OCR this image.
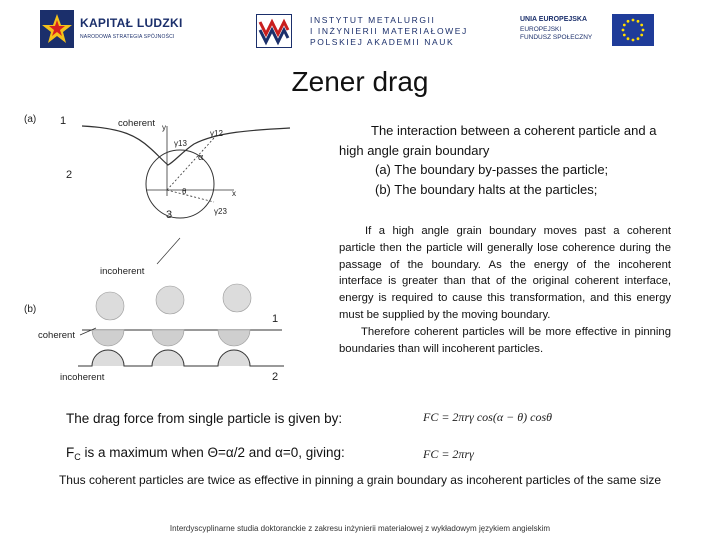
KAPITAŁ LUDZKI
NARODOWA STRATEGIA SPÓJNOŚCI
INSTYTUT METALURGII
I INŻYNIERII MATERIAŁOWEJ
POLSKIEJ AKADEMII NAUK
UNIA EUROPEJSKA
EUROPEJSKI
FUNDUSZ SPOŁECZNY
Zener drag
(a) 1
2
3
coherent y
x
γ13
γ12
γ23
α
θ
incoherent
(b)
coherent
1
incoherent	2
The interaction between a coherent particle and a high angle grain boundary
(a) The boundary by-passes the particle;
(b) The boundary halts at the particles;
If a high angle grain boundary moves past a coherent particle then the particle will generally lose coherence during the passage of the boundary. As the energy of the incoherent interface is greater than that of the original coherent interface, energy is required to cause this transformation, and this energy must be supplied by the moving boundary.
Therefore coherent particles will be more effective in pinning boundaries than will incoherent particles.
The drag force from single particle is given by:	FC = 2πrγ cos(α − θ) cosθ
$F_C$ is a maximum when Θ=α/2 and α=0, giving:	FC = 2πrγ
Thus coherent particles are twice as effective in pinning a grain boundary as incoherent particles of the same size
Interdyscyplinarne studia doktoranckie z zakresu inżynierii materiałowej z wykładowym językiem angielskim
